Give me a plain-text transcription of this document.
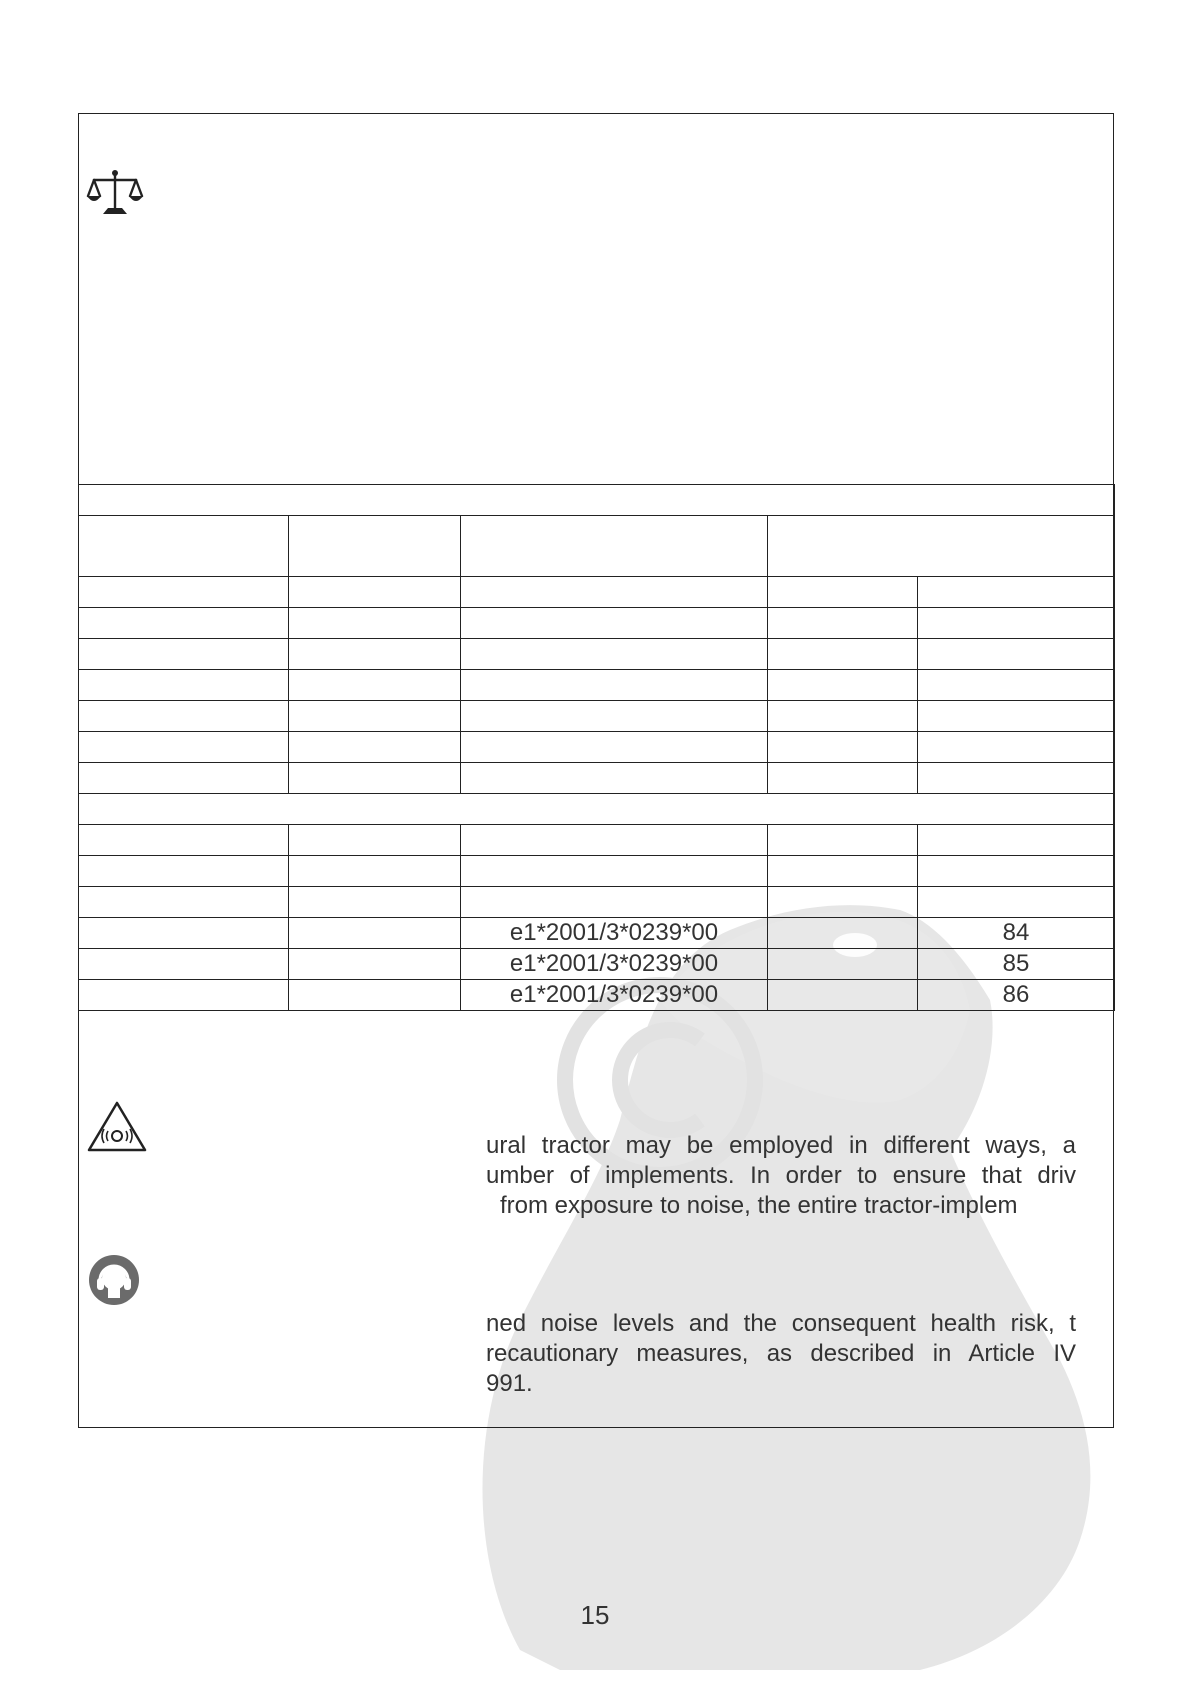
		e1*2001/3*0239*00		84
		e1*2001/3*0239*00		85
		e1*2001/3*0239*00		86
ural tractor may be employed in different ways, a
umber of implements. In order to ensure that driv
from exposure to noise, the entire tractor-implem
ned noise levels and the consequent health risk, t
recautionary measures, as described in Article IV
991.
15
